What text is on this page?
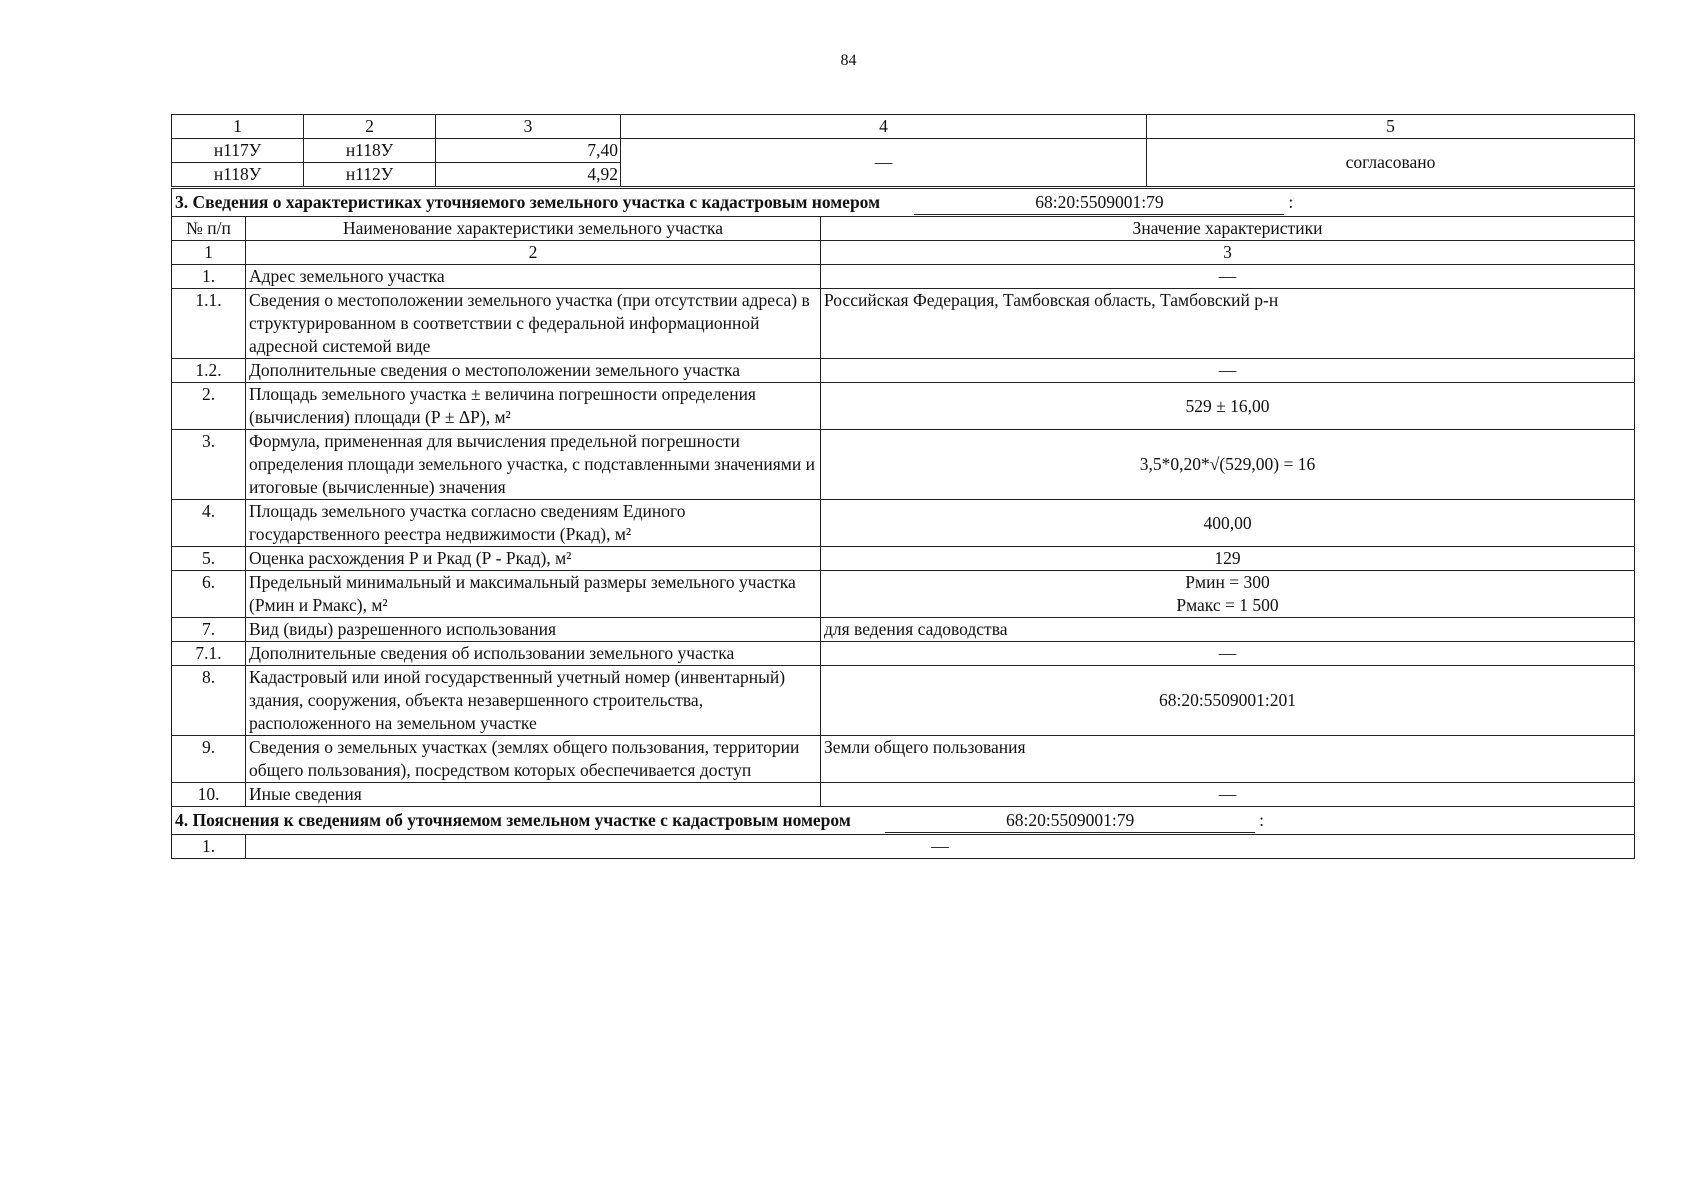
84
1	2	3	4	5
н117У	н118У	7,40	—	согласовано
н118У	н112У	4,92		
3. Сведения о характеристиках уточняемого земельного участка с кадастровым номером 68:20:5509001:79 :		
№ п/п	Наименование характеристики земельного участка	Значение характеристики
1	2	3
1.	Адрес земельного участка	—
1.1.	Сведения о местоположении земельного участка (при отсутствии адреса) в структурированном в соответствии с федеральной информационной адресной системой виде	Российская Федерация, Тамбовская область, Тамбовский р-н
1.2.	Дополнительные сведения о местоположении земельного участка	—
2.	Площадь земельного участка ± величина погрешности определения (вычисления) площади (Р ± ΔР), м²	529 ± 16,00
3.	Формула, примененная для вычисления предельной погрешности определения площади земельного участка, с подставленными значениями и итоговые (вычисленные) значения	3,5*0,20*√(529,00) = 16
4.	Площадь земельного участка согласно сведениям Единого государственного реестра недвижимости (Ркад), м²	400,00
5.	Оценка расхождения Р и Ркад (Р - Ркад), м²	129
6.	Предельный минимальный и максимальный размеры земельного участка (Рмин и Рмакс), м²	Рмин = 300
Рмакс = 1 500

7.	Вид (виды) разрешенного использования	для ведения садоводства
7.1.	Дополнительные сведения об использовании земельного участка	—
8.	Кадастровый или иной государственный учетный номер (инвентарный) здания, сооружения, объекта незавершенного строительства, расположенного на земельном участке	68:20:5509001:201
9.	Сведения о земельных участках (землях общего пользования, территории общего пользования), посредством которых обеспечивается доступ	Земли общего пользования
10.	Иные сведения	—
4. Пояснения к сведениям об уточняемом земельном участке с кадастровым номером 68:20:5509001:79 :		
1.	—	
